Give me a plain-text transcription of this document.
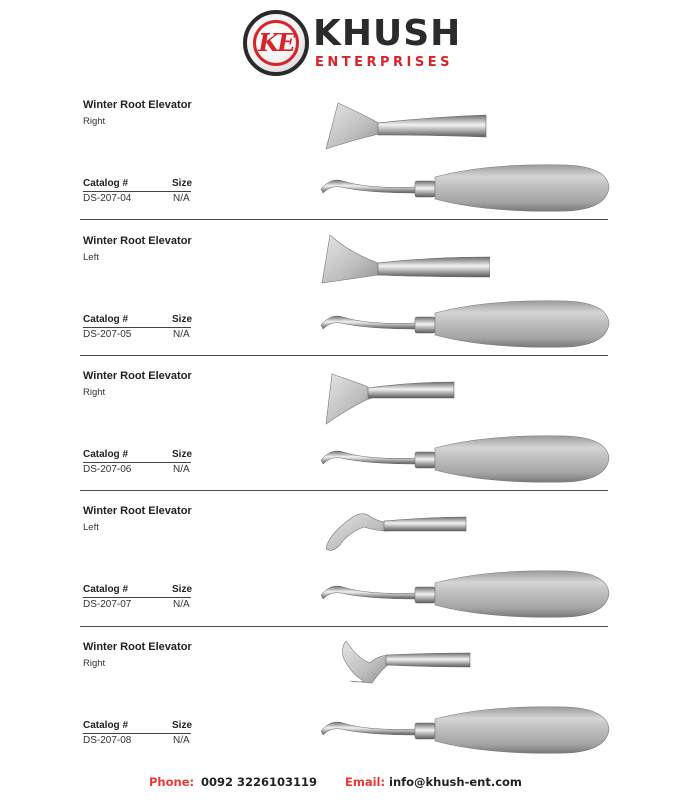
KE KHUSH
ENTERPRISES
Winter Root Elevator
Right
Catalog #	Size
DS-207-04	N/A
Winter Root Elevator
Left
Catalog #	Size
DS-207-05	N/A
Winter Root Elevator
Right
Catalog #	Size
DS-207-06	N/A
Winter Root Elevator
Left
Catalog #	Size
DS-207-07	N/A
Winter Root Elevator
Right
Catalog #	Size
DS-207-08	N/A
Phone: 0092 3226103119 Email: info@khush-ent.com
